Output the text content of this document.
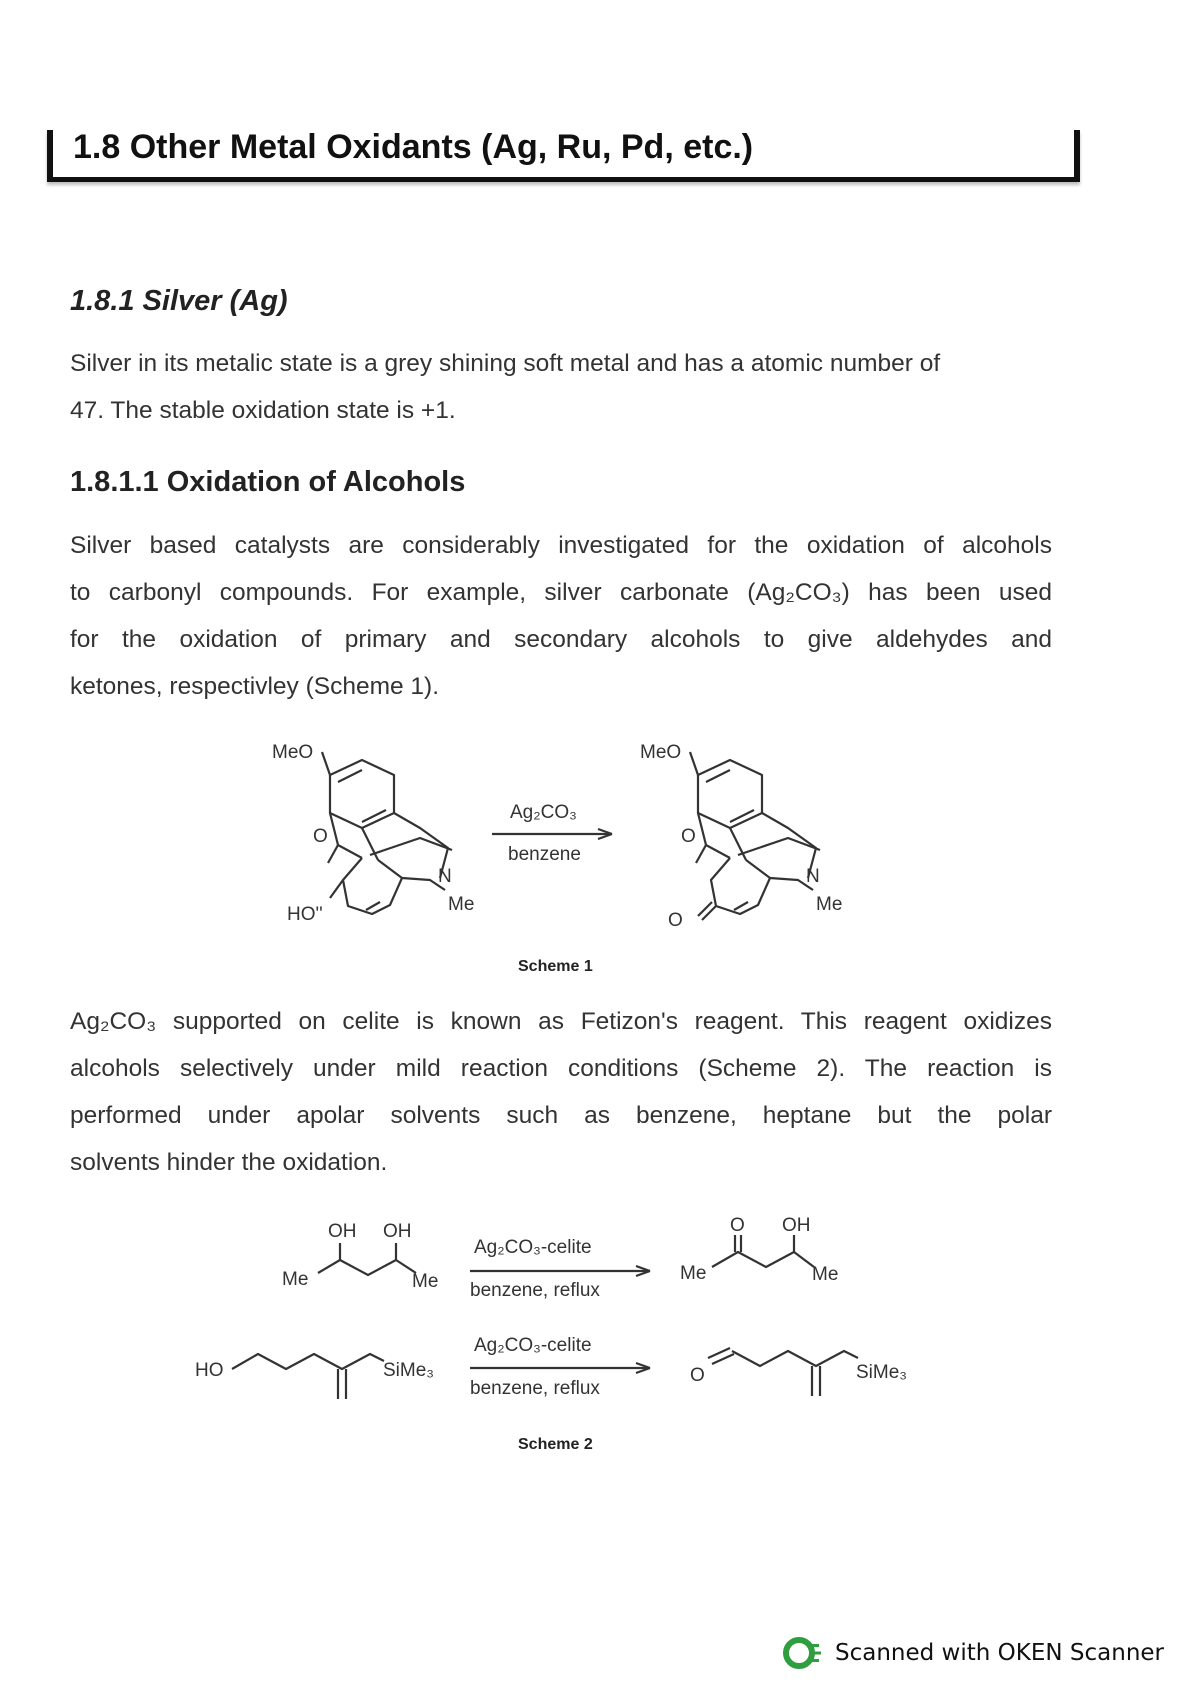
1.8 Other Metal Oxidants (Ag, Ru, Pd, etc.)
1.8.1 Silver (Ag)
Silver in its metalic state is a grey shining soft metal and has a atomic number of
47. The stable oxidation state is +1.
1.8.1.1 Oxidation of Alcohols
Silver based catalysts are considerably investigated for the oxidation of alcohols
to carbonyl compounds. For example, silver carbonate (Ag₂CO₃) has been used
for the oxidation of primary and secondary alcohols to give aldehydes and
ketones, respectivley (Scheme 1).
MeO
O
N
Me
HO''
Ag₂CO₃
benzene
MeO
O
N
Me
O
Scheme 1
Ag₂CO₃ supported on celite is known as Fetizon's reagent. This reagent oxidizes
alcohols selectively under mild reaction conditions (Scheme 2). The reaction is
performed under apolar solvents such as benzene, heptane but the polar
solvents hinder the oxidation.
OH OH
Me	Me
Ag₂CO₃-celite
benzene, reflux
O OH
Me	Me
HO	SiMe₃
Ag₂CO₃-celite
benzene, reflux
O	SiMe₃
Scheme 2
Scanned with OKEN Scanner
